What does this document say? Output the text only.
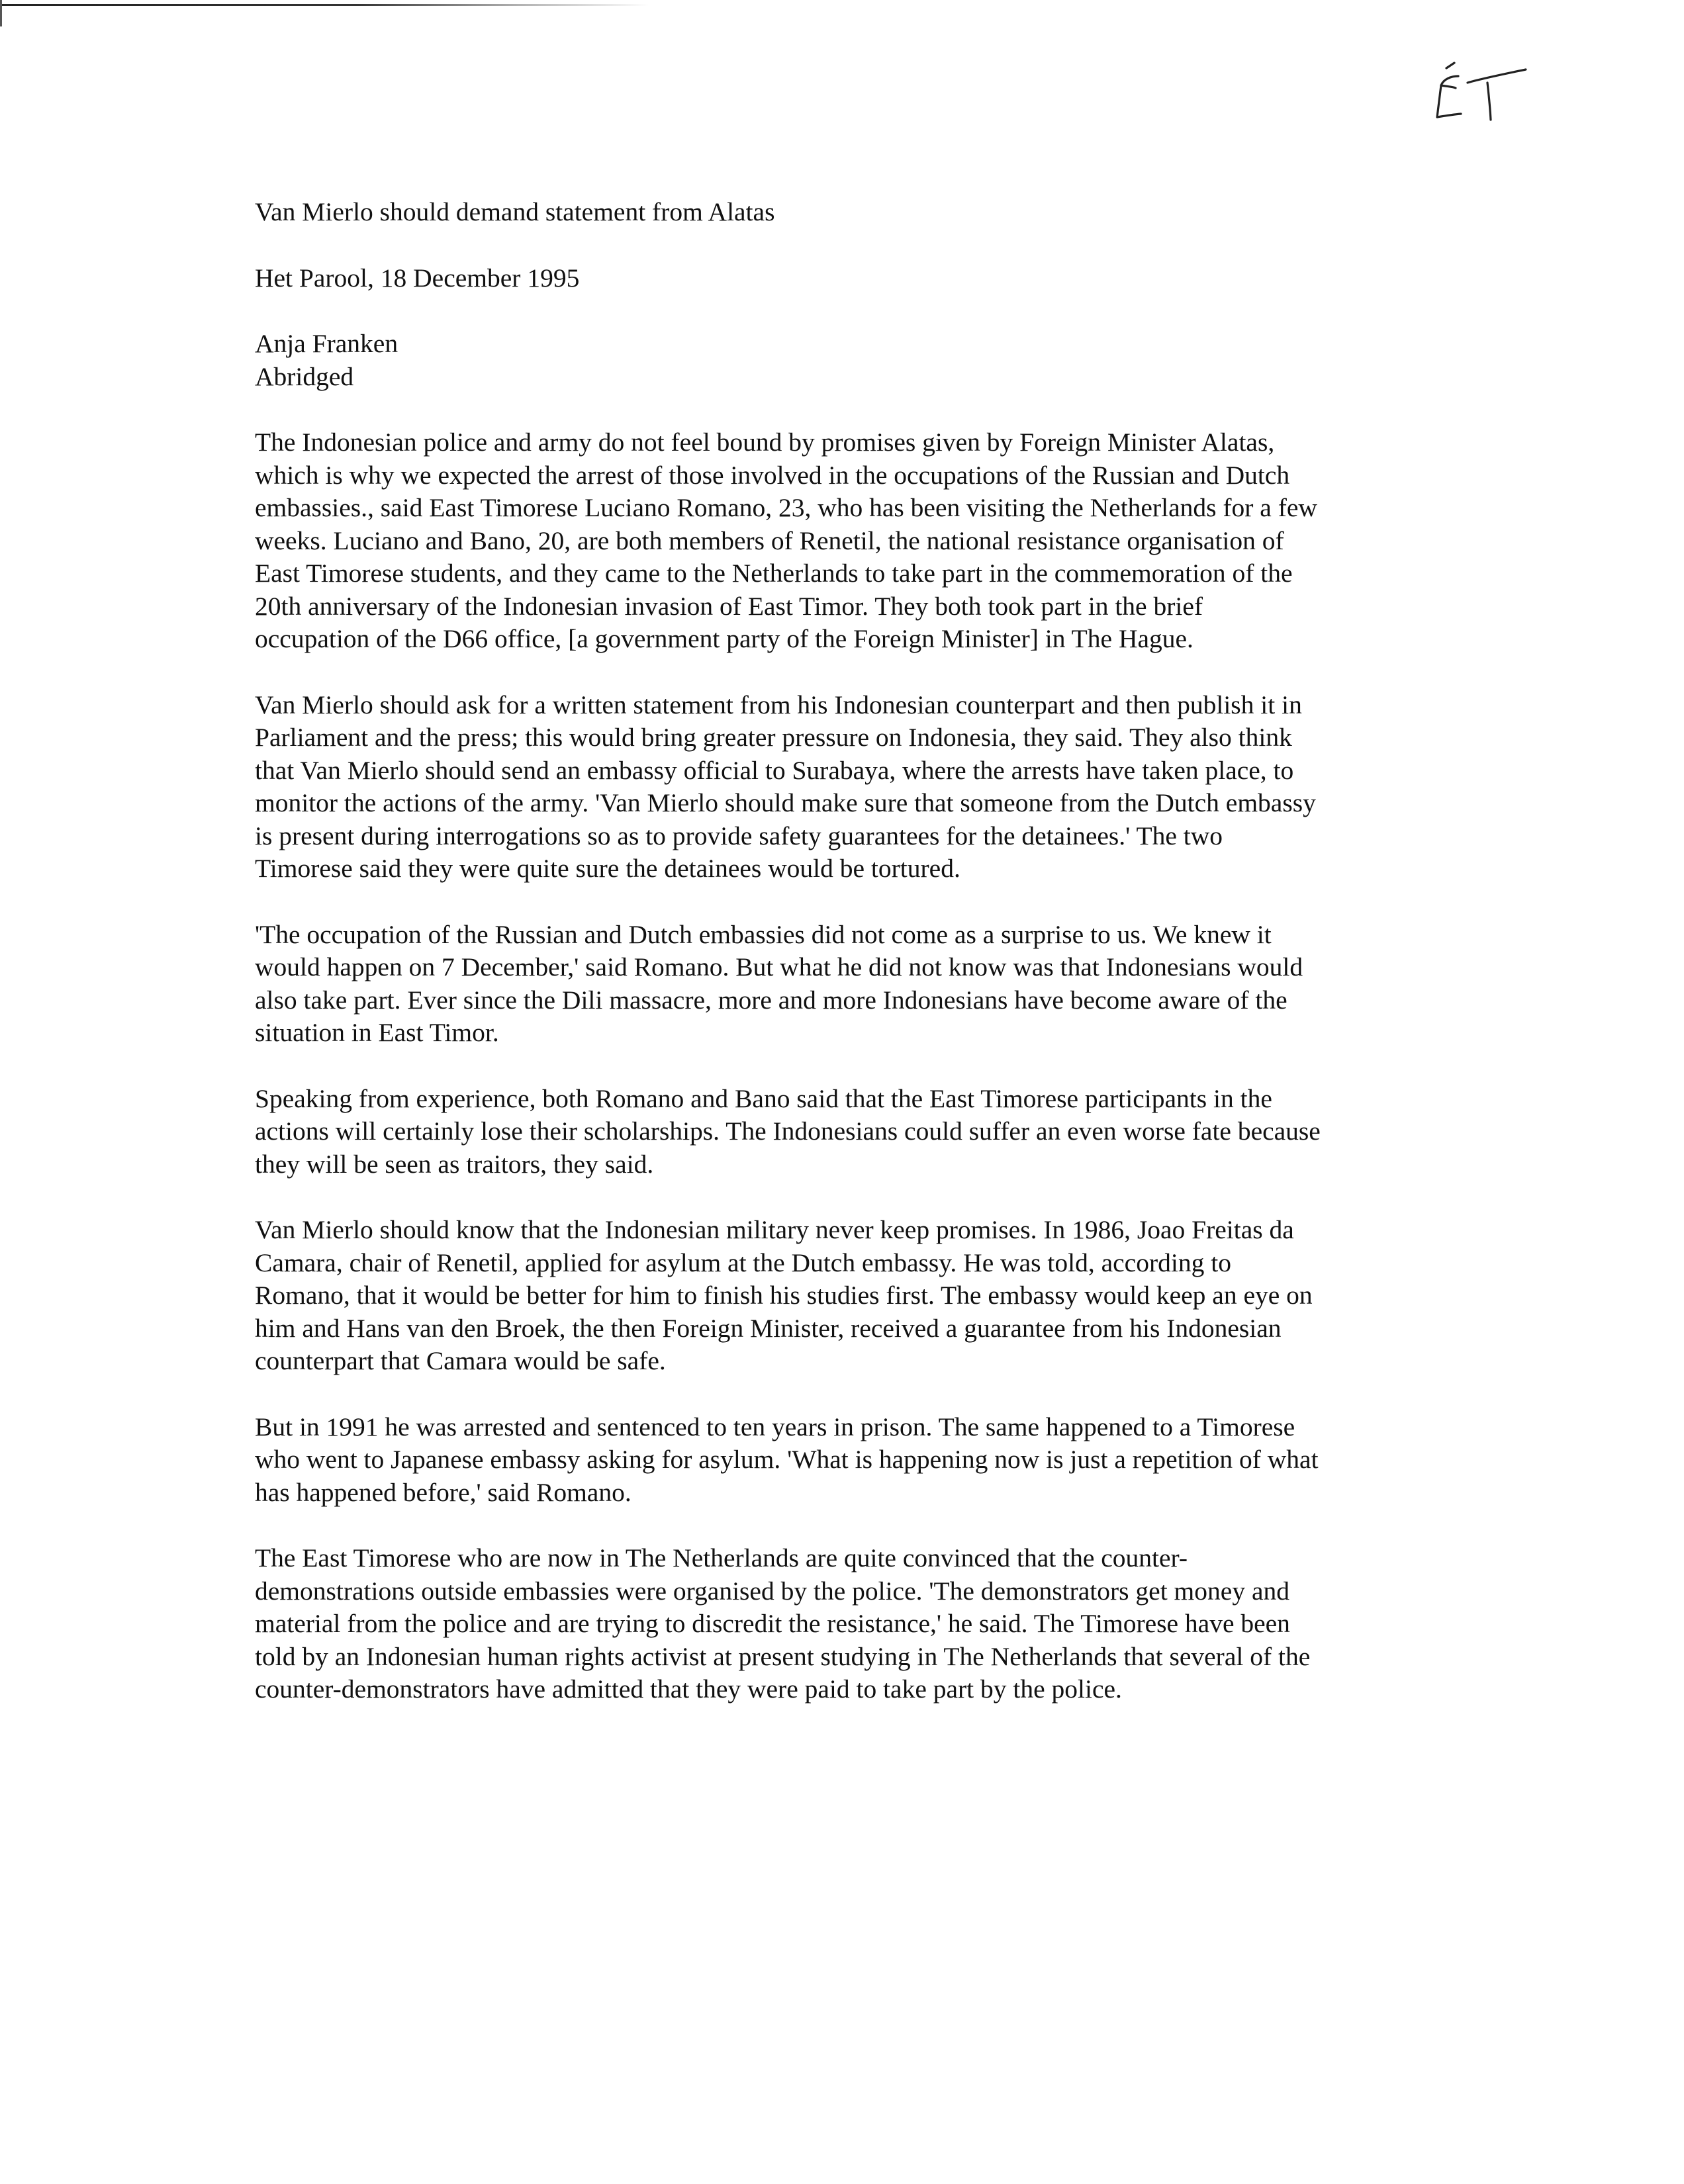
Van Mierlo should demand statement from Alatas

Het Parool, 18 December 1995

Anja Franken
Abridged

The Indonesian police and army do not feel bound by promises given by Foreign Minister Alatas,
which is why we expected the arrest of those involved in the occupations of the Russian and Dutch
embassies., said East Timorese Luciano Romano, 23, who has been visiting the Netherlands for a few
weeks. Luciano and Bano, 20, are both members of Renetil, the national resistance organisation of
East Timorese students, and they came to the Netherlands to take part in the commemoration of the
20th anniversary of the Indonesian invasion of East Timor. They both took part in the brief
occupation of the D66 office, [a government party of the Foreign Minister] in The Hague.

Van Mierlo should ask for a written statement from his Indonesian counterpart and then publish it in
Parliament and the press; this would bring greater pressure on Indonesia, they said. They also think
that Van Mierlo should send an embassy official to Surabaya, where the arrests have taken place, to
monitor the actions of the army. 'Van Mierlo should make sure that someone from the Dutch embassy
is present during interrogations so as to provide safety guarantees for the detainees.' The two
Timorese said they were quite sure the detainees would be tortured.

'The occupation of the Russian and Dutch embassies did not come as a surprise to us. We knew it
would happen on 7 December,' said Romano. But what he did not know was that Indonesians would
also take part. Ever since the Dili massacre, more and more Indonesians have become aware of the
situation in East Timor.

Speaking from experience, both Romano and Bano said that the East Timorese participants in the
actions will certainly lose their scholarships. The Indonesians could suffer an even worse fate because
they will be seen as traitors, they said.

Van Mierlo should know that the Indonesian military never keep promises. In 1986, Joao Freitas da
Camara, chair of Renetil, applied for asylum at the Dutch embassy. He was told, according to
Romano, that it would be better for him to finish his studies first. The embassy would keep an eye on
him and Hans van den Broek, the then Foreign Minister, received a guarantee from his Indonesian
counterpart that Camara would be safe.

But in 1991 he was arrested and sentenced to ten years in prison. The same happened to a Timorese
who went to Japanese embassy asking for asylum. 'What is happening now is just a repetition of what
has happened before,' said Romano.

The East Timorese who are now in The Netherlands are quite convinced that the counter-
demonstrations outside embassies were organised by the police. 'The demonstrators get money and
material from the police and are trying to discredit the resistance,' he said. The Timorese have been
told by an Indonesian human rights activist at present studying in The Netherlands that several of the
counter-demonstrators have admitted that they were paid to take part by the police.
